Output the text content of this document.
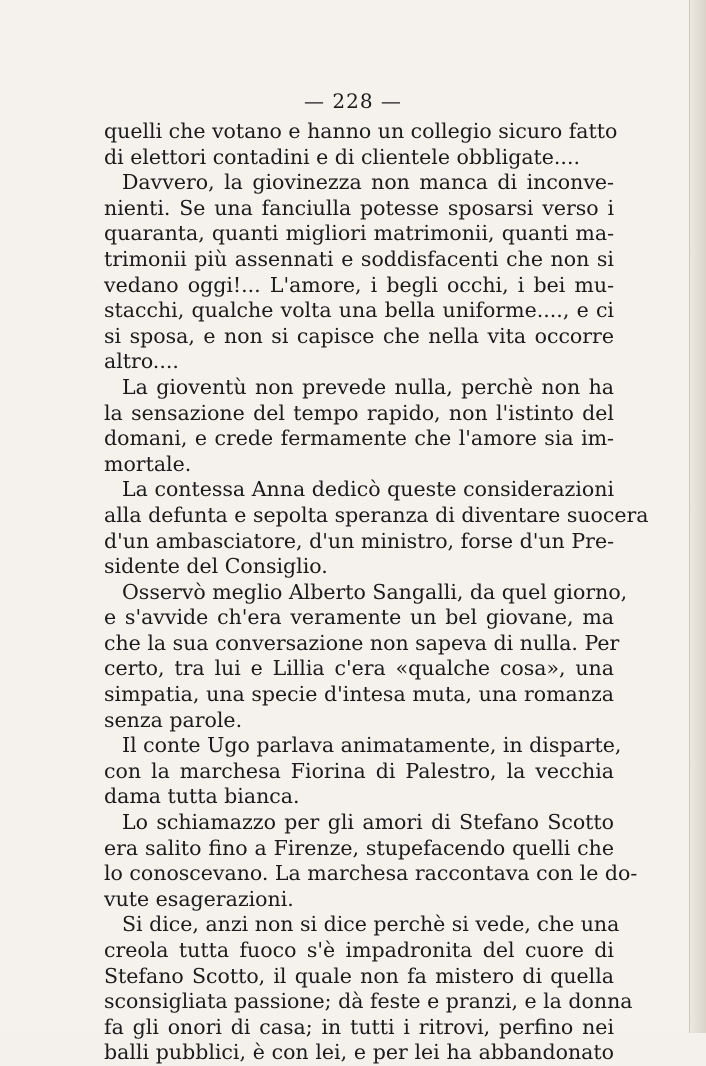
— 228 —
quelli che votano e hanno un collegio sicuro fatto
di elettori contadini e di clientele obbligate....
Davvero, la giovinezza non manca di inconve-
nienti. Se una fanciulla potesse sposarsi verso i
quaranta, quanti migliori matrimonii, quanti ma-
trimonii più assennati e soddisfacenti che non si
vedano oggi!... L'amore, i begli occhi, i bei mu-
stacchi, qualche volta una bella uniforme...., e ci
si sposa, e non si capisce che nella vita occorre
altro....
La gioventù non prevede nulla, perchè non ha
la sensazione del tempo rapido, non l'istinto del
domani, e crede fermamente che l'amore sia im-
mortale.
La contessa Anna dedicò queste considerazioni
alla defunta e sepolta speranza di diventare suocera
d'un ambasciatore, d'un ministro, forse d'un Pre-
sidente del Consiglio.
Osservò meglio Alberto Sangalli, da quel giorno,
e s'avvide ch'era veramente un bel giovane, ma
che la sua conversazione non sapeva di nulla. Per
certo, tra lui e Lillia c'era «qualche cosa», una
simpatia, una specie d'intesa muta, una romanza
senza parole.
Il conte Ugo parlava animatamente, in disparte,
con la marchesa Fiorina di Palestro, la vecchia
dama tutta bianca.
Lo schiamazzo per gli amori di Stefano Scotto
era salito fino a Firenze, stupefacendo quelli che
lo conoscevano. La marchesa raccontava con le do-
vute esagerazioni.
Si dice, anzi non si dice perchè si vede, che una
creola tutta fuoco s'è impadronita del cuore di
Stefano Scotto, il quale non fa mistero di quella
sconsigliata passione; dà feste e pranzi, e la donna
fa gli onori di casa; in tutti i ritrovi, perfino nei
balli pubblici, è con lei, e per lei ha abbandonato
